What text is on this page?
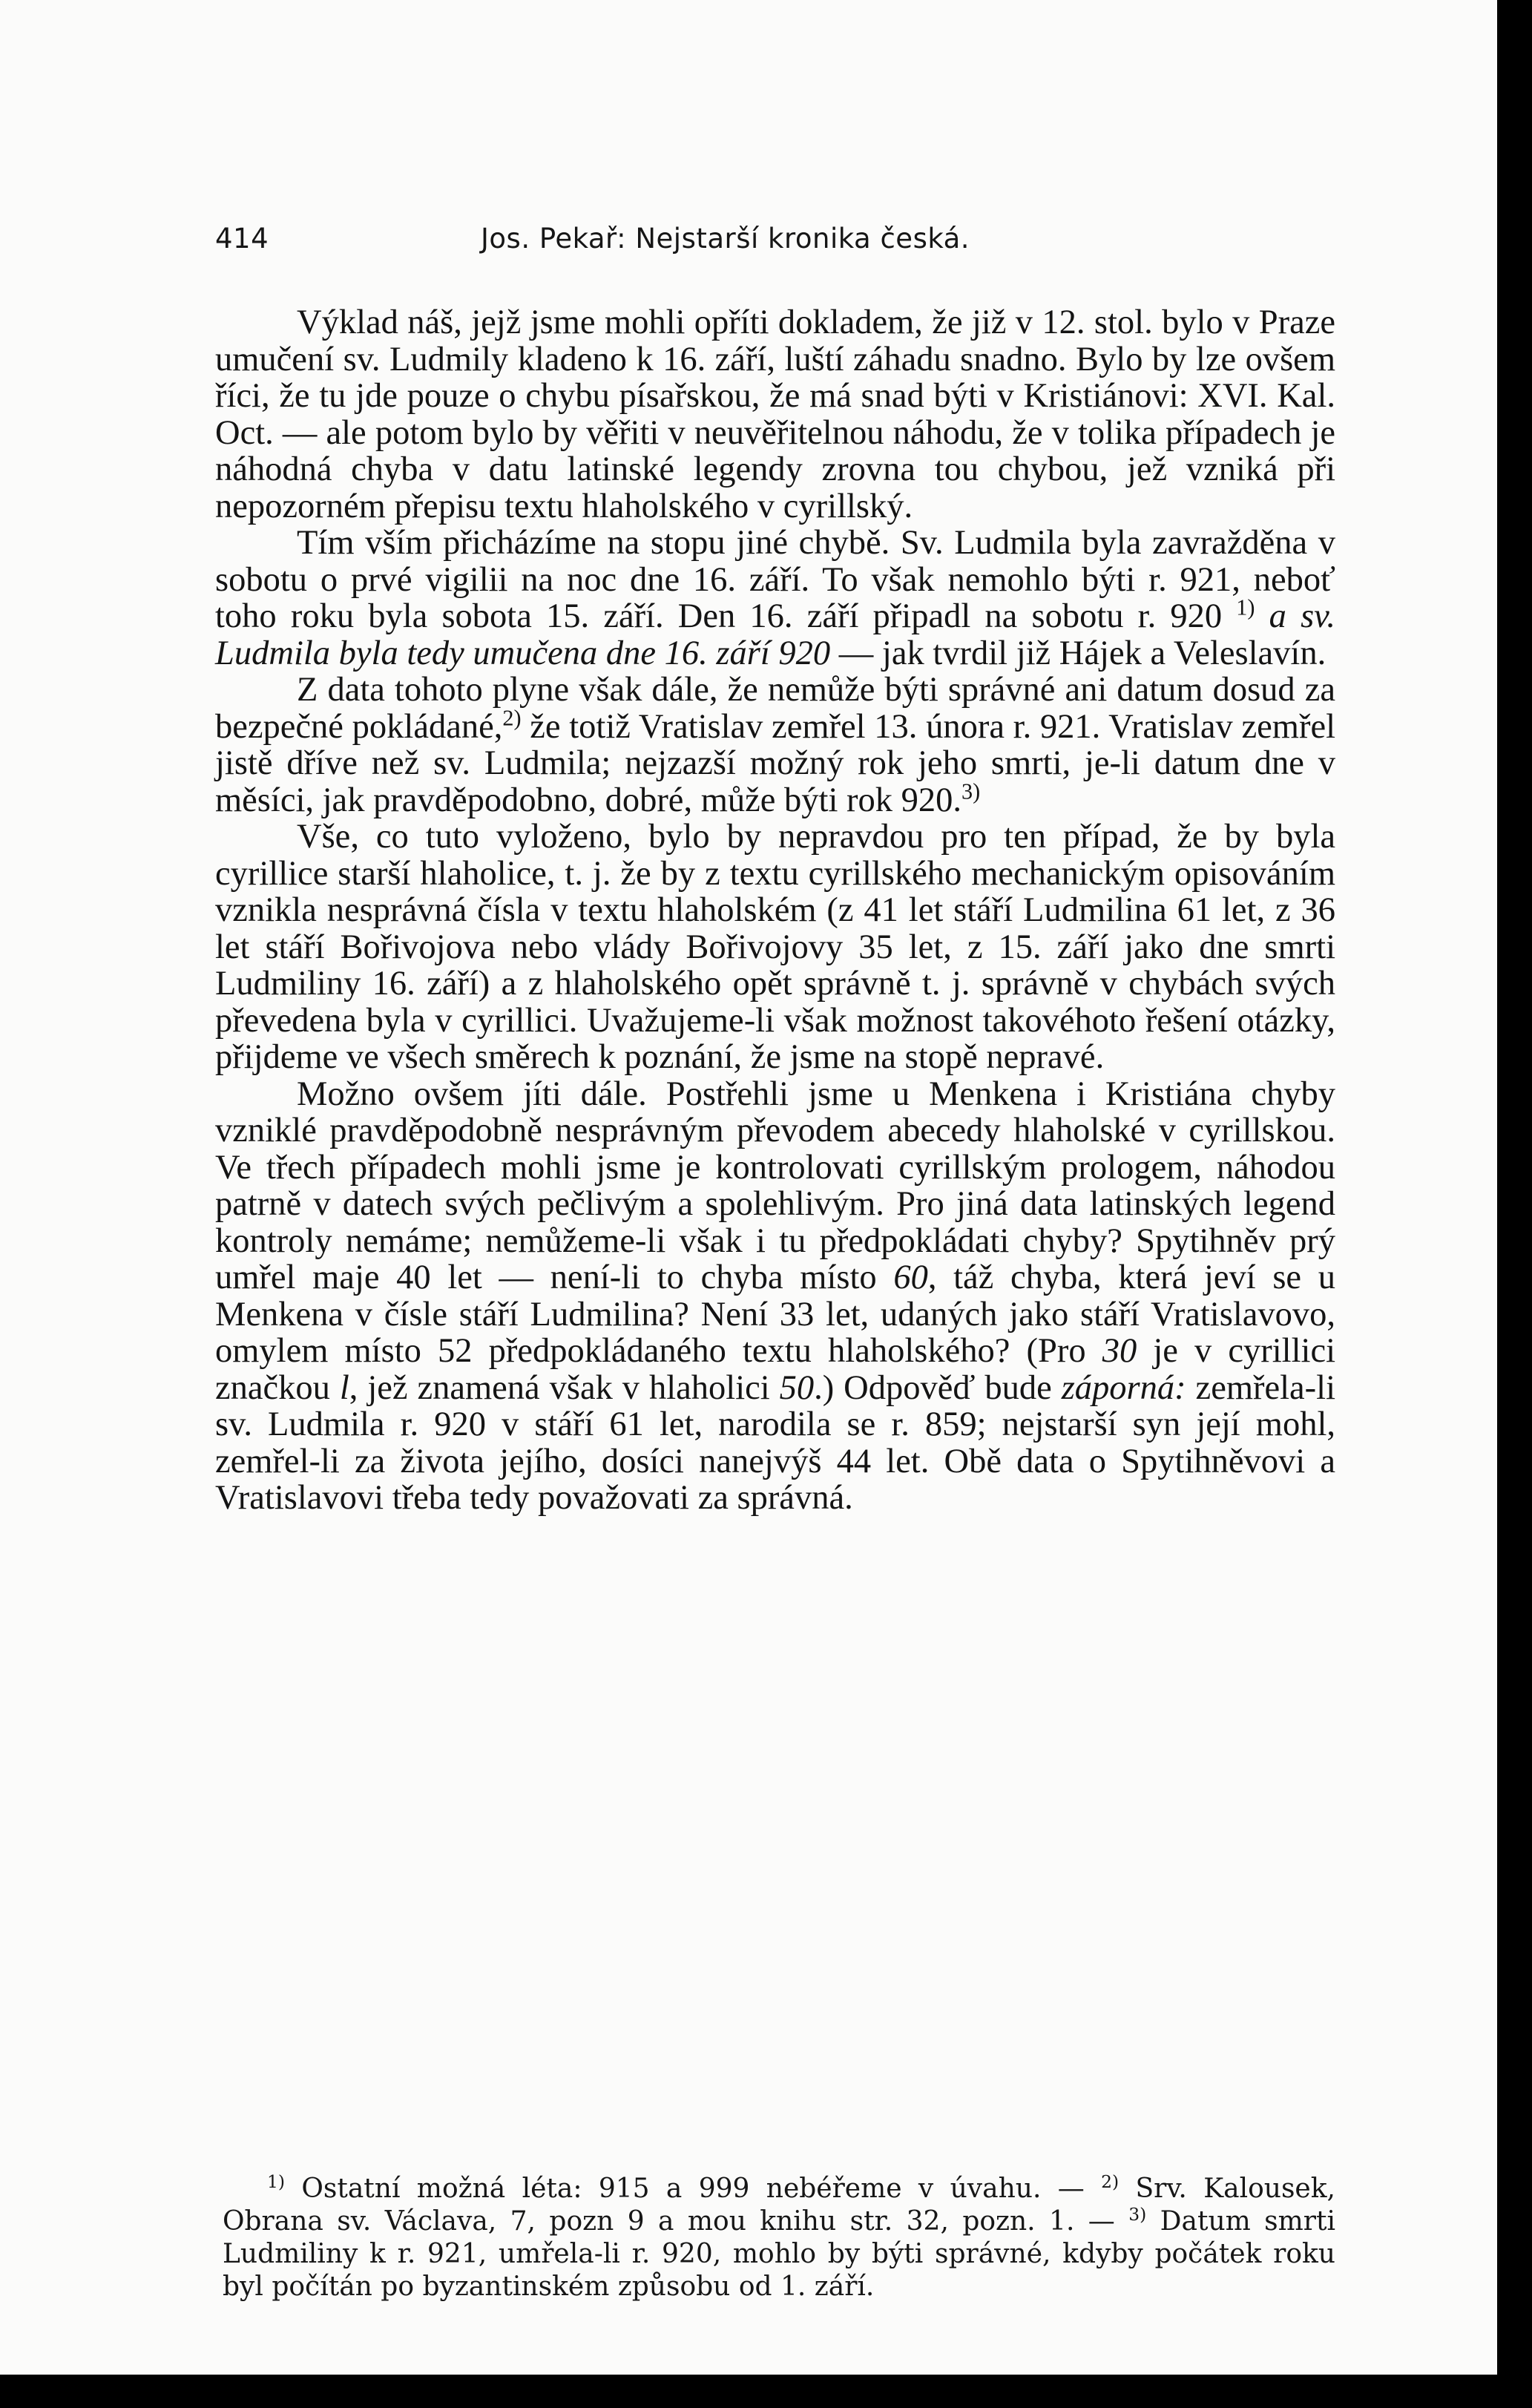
414	Jos. Pekař: Nejstarší kronika česká.

Výklad náš, jejž jsme mohli opříti dokladem, že již v 12. stol. bylo v Praze umučení sv. Ludmily kladeno k 16. září, luští záhadu snadno. Bylo by lze ovšem říci, že tu jde pouze o chybu písařskou, že má snad býti v Kristiánovi: XVI. Kal. Oct. — ale potom bylo by věřiti v neuvěřitelnou náhodu, že v tolika případech je náhodná chyba v datu latinské legendy zrovna tou chybou, jež vzniká při nepozorném přepisu textu hlaholského v cyrillský.

Tím vším přicházíme na stopu jiné chybě. Sv. Ludmila byla zavražděna v sobotu o prvé vigilii na noc dne 16. září. To však nemohlo býti r. 921, neboť toho roku byla sobota 15. září. Den 16. září připadl na sobotu r. 920 $^{1)}$ a sv. Ludmila byla tedy umučena dne 16. září 920 — jak tvrdil již Hájek a Veleslavín.

Z data tohoto plyne však dále, že nemůže býti správné ani datum dosud za bezpečné pokládané,$^{2)}$ že totiž Vratislav zemřel 13. února r. 921. Vratislav zemřel jistě dříve než sv. Ludmila; nejzazší možný rok jeho smrti, je-li datum dne v měsíci, jak pravděpodobno, dobré, může býti rok 920.$^{3)}$

Vše, co tuto vyloženo, bylo by nepravdou pro ten případ, že by byla cyrillice starší hlaholice, t. j. že by z textu cyrillského mechanickým opisováním vznikla nesprávná čísla v textu hlaholském (z 41 let stáří Ludmilina 61 let, z 36 let stáří Bořivojova nebo vlády Bořivojovy 35 let, z 15. září jako dne smrti Ludmiliny 16. září) a z hlaholského opět správně t. j. správně v chybách svých převedena byla v cyrillici. Uvažujeme-li však možnost takovéhoto řešení otázky, přijdeme ve všech směrech k poznání, že jsme na stopě nepravé.

Možno ovšem jíti dále. Postřehli jsme u Menkena i Kristiána chyby vzniklé pravděpodobně nesprávným převodem abecedy hlaholské v cyrillskou. Ve třech případech mohli jsme je kontrolovati cyrillským prologem, náhodou patrně v datech svých pečlivým a spolehlivým. Pro jiná data latinských legend kontroly nemáme; nemůžeme-li však i tu předpokládati chyby? Spytihněv prý umřel maje 40 let — není-li to chyba místo 60, táž chyba, která jeví se u Menkena v čísle stáří Ludmilina? Není 33 let, udaných jako stáří Vratislavovo, omylem místo 52 předpokládaného textu hlaholského? (Pro 30 je v cyrillici značkou l, jež znamená však v hlaholici 50.) Odpověď bude záporná: zemřela-li sv. Ludmila r. 920 v stáří 61 let, narodila se r. 859; nejstarší syn její mohl, zemřel-li za života jejího, dosíci nanejvýš 44 let. Obě data o Spytihněvovi a Vratislavovi třeba tedy považovati za správná.

$^{1)}$ Ostatní možná léta: 915 a 999 nebéřeme v úvahu. — $^{2)}$ Srv. Kalousek, Obrana sv. Václava, 7, pozn 9 a mou knihu str. 32, pozn. 1. — $^{3)}$ Datum smrti Ludmiliny k r. 921, umřela-li r. 920, mohlo by býti správné, kdyby počátek roku byl počítán po byzantinském způsobu od 1. září.
